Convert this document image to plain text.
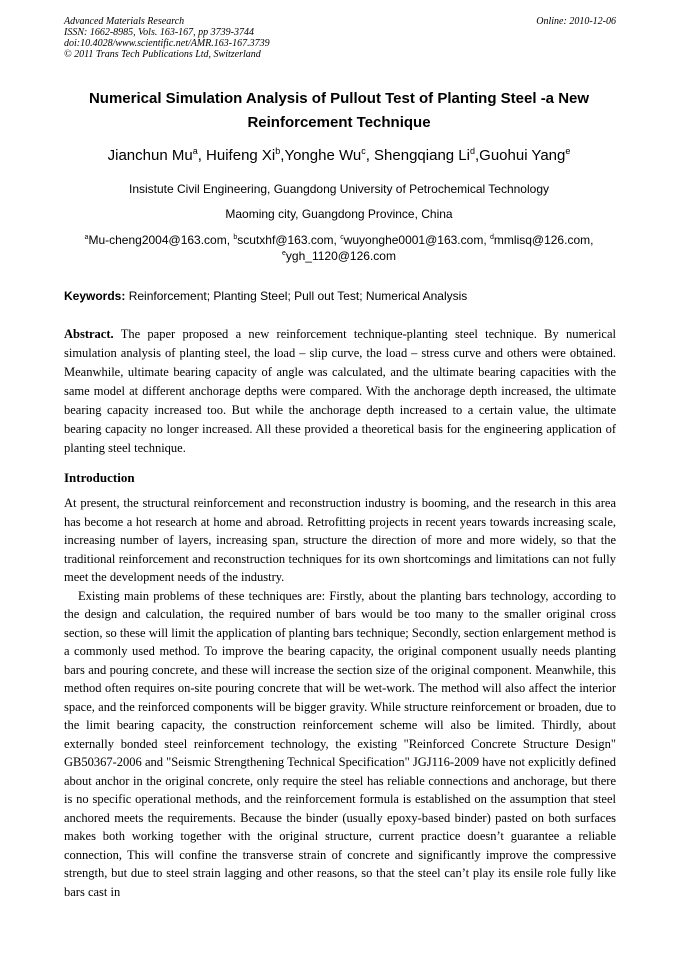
Advanced Materials Research
ISSN: 1662-8985, Vols. 163-167, pp 3739-3744
doi:10.4028/www.scientific.net/AMR.163-167.3739
© 2011 Trans Tech Publications Ltd, Switzerland
Online: 2010-12-06
Numerical Simulation Analysis of Pullout Test of Planting Steel -a New
Reinforcement Technique
Jianchun Mu$^a$, Huifeng Xi$^b$,Yonghe Wu$^c$, Shengqiang Li$^d$,Guohui Yang$^e$
Insistute Civil Engineering, Guangdong University of Petrochemical Technology
Maoming city, Guangdong Province, China
$^a$Mu-cheng2004@163.com, $^b$scutxhf@163.com, $^c$wuyonghe0001@163.com, $^d$mmlisq@126.com,
$^e$ygh_1120@126.com
Keywords: Reinforcement; Planting Steel; Pull out Test; Numerical Analysis

Abstract. The paper proposed a new reinforcement technique-planting steel technique. By numerical simulation analysis of planting steel, the load – slip curve, the load – stress curve and others were obtained. Meanwhile, ultimate bearing capacity of angle was calculated, and the ultimate bearing capacities with the same model at different anchorage depths were compared. With the anchorage depth increased, the ultimate bearing capacity increased too. But while the anchorage depth increased to a certain value, the ultimate bearing capacity no longer increased. All these provided a theoretical basis for the engineering application of planting steel technique.

Introduction

At present, the structural reinforcement and reconstruction industry is booming, and the research in this area has become a hot research at home and abroad. Retrofitting projects in recent years towards increasing scale, increasing number of layers, increasing span, structure the direction of more and more widely, so that the traditional reinforcement and reconstruction techniques for its own shortcomings and limitations can not fully meet the development needs of the industry.

Existing main problems of these techniques are: Firstly, about the planting bars technology, according to the design and calculation, the required number of bars would be too many to the smaller original cross section, so these will limit the application of planting bars technique; Secondly, section enlargement method is a commonly used method. To improve the bearing capacity, the original component usually needs planting bars and pouring concrete, and these will increase the section size of the original component. Meanwhile, this method often requires on-site pouring concrete that will be wet-work. The method will also affect the interior space, and the reinforced components will be bigger gravity. While structure reinforcement or broaden, due to the limit bearing capacity, the construction reinforcement scheme will also be limited. Thirdly, about externally bonded steel reinforcement technology, the existing "Reinforced Concrete Structure Design" GB50367-2006 and "Seismic Strengthening Technical Specification" JGJ116-2009 have not explicitly defined about anchor in the original concrete, only require the steel has reliable connections and anchorage, but there is no specific operational methods, and the reinforcement formula is established on the assumption that steel anchored meets the requirements. Because the binder (usually epoxy-based binder) pasted on both surfaces makes both working together with the original structure, current practice doesn’t guarantee a reliable connection, This will confine the transverse strain of concrete and significantly improve the compressive strength, but due to steel strain lagging and other reasons, so that the steel can’t play its ensile role fully like bars cast in
